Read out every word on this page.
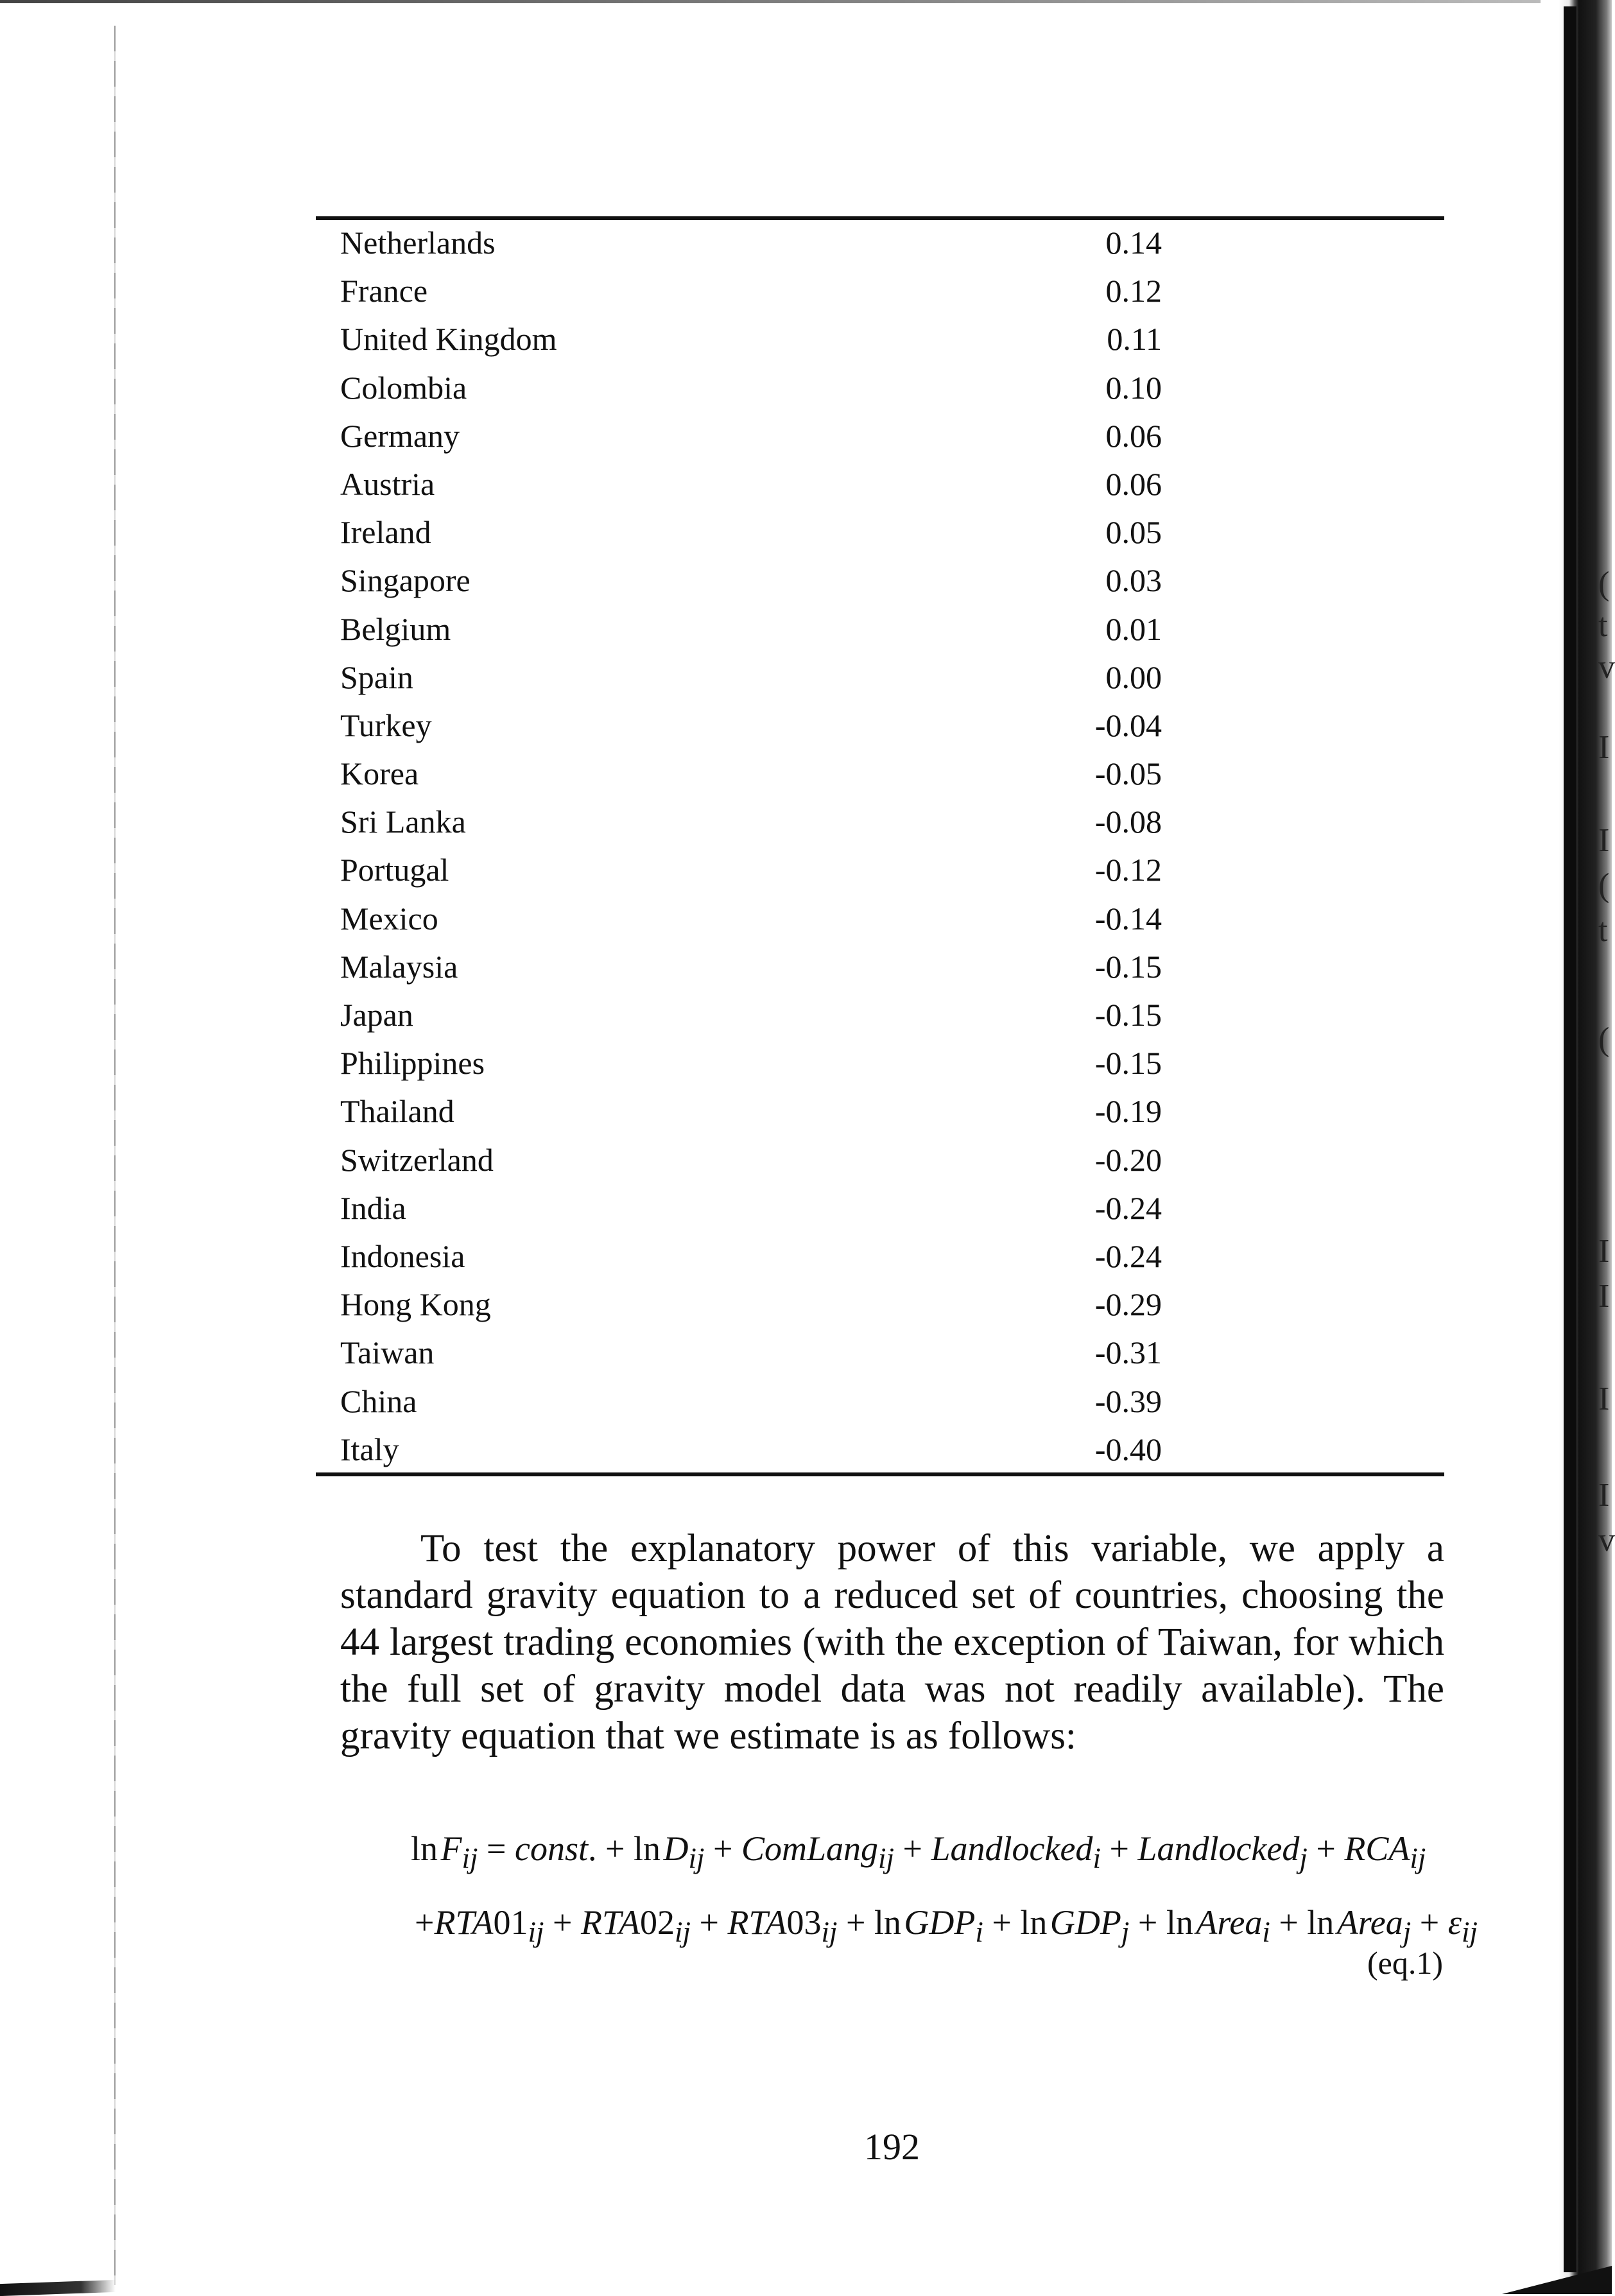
(
t
v
I
I
(
t
(
I
I
I
I
v
Netherlands	0.14
France	0.12
United Kingdom	0.11
Colombia	0.10
Germany	0.06
Austria	0.06
Ireland	0.05
Singapore	0.03
Belgium	0.01
Spain	0.00
Turkey	-0.04
Korea	-0.05
Sri Lanka	-0.08
Portugal	-0.12
Mexico	-0.14
Malaysia	-0.15
Japan	-0.15
Philippines	-0.15
Thailand	-0.19
Switzerland	-0.20
India	-0.24
Indonesia	-0.24
Hong Kong	-0.29
Taiwan	-0.31
China	-0.39
Italy	-0.40

To test the explanatory power of this variable, we apply a standard gravity equation to a reduced set of countries, choosing the 44 largest trading economies (with the exception of Taiwan, for which the full set of gravity model data was not readily available). The gravity equation that we estimate is as follows:

ln $F_{ij}$ = const. + ln $D_{ij}$ + ComLang$_{ij}$ + Landlocked$_i$ + Landlocked$_j$ + $RCA_{ij}$
$+RTA01_{ij} + RTA02_{ij} + RTA03_{ij} + \ln$ $GDP_i + \ln$ $GDP_j + \ln$ Area$_i$ + ln Area$_j$ + $\varepsilon_{ij}$
(eq.1)
192
